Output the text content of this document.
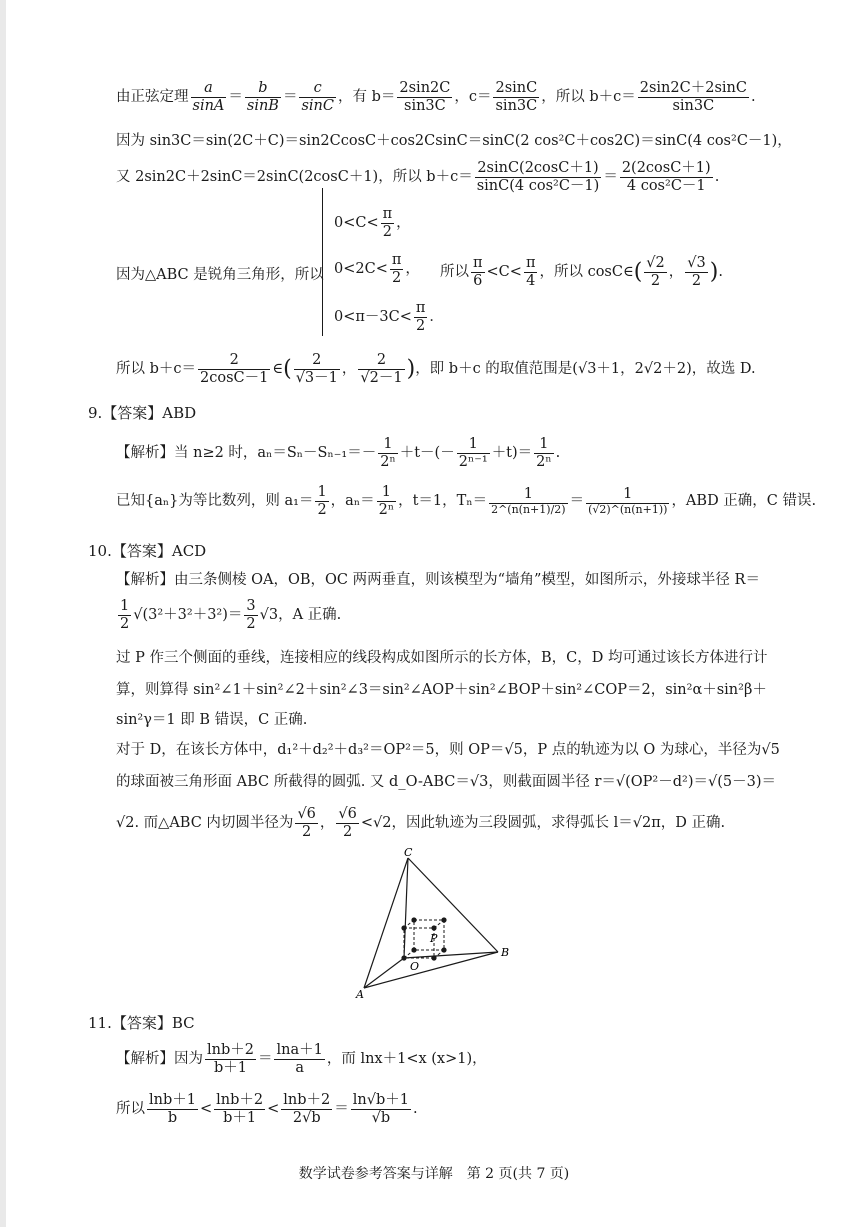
由正弦定理 $\frac{a}{\sin A} = \frac{b}{\sin B} = \frac{c}{\sin C}$ ，有 $b= \frac{2\sin 2C}{\sin 3C}$ ，$c= \frac{2\sin C}{\sin 3C}$ ，所以 $b+c= \frac{2\sin 2C+2\sin C}{\sin 3C}$ .
因为 sin3C＝sin(2C＋C)＝sin2CcosC＋cos2CsinC＝sinC(2 cos²C＋cos2C)＝sinC(4 cos²C－1)，
又 2sin2C＋2sinC＝2sinC(2cosC＋1)，所以 $b+c= \frac{2\sin C(2\cos C+1)}{\text{sinC(4 cos²C－1)}} = \frac{2(2\cos C+1)}{\text{4 cos²C－1}}$ .
因为△ABC 是锐角三角形，所以
$0<C< \frac{\pi}{2}$ ，
$0<2C< \frac{\pi}{2}$ ，
$0<\pi-3C< \frac{\pi}{2}$ ．
所以 $\frac{\pi}{6} <C< \frac{\pi}{4}$ ，所以 cosC∈( $\frac{√2}{2}$ ， $\frac{√3}{2}$ ).
所以 $b+c= \frac{2}{2\cos C-1}$ ∈( $\frac{2}{√3-1}$ ， $\frac{2}{√2-1}$ )，即 b＋c 的取值范围是(√3＋1，2√2＋2)，故选 D.
9.【答案】ABD
【解析】当 n≥2 时，$a_n=S_n-S_{n-1}=- \frac{1}{\text{2ⁿ}} +t-(- \frac{1}{\text{2ⁿ⁻¹}} +t)= \frac{1}{\text{2ⁿ}}$ .
已知{aₙ}为等比数列，则 $a_1= \frac{1}{2}$ ，$a_n= \frac{1}{\text{2ⁿ}}$ ，t＝1，$T_n= \frac{1}{2\^{}(n(n+1)/2)} = \frac{1}{(√2)\^{}(n(n+1))}$ ，ABD 正确，C 错误.
10.【答案】ACD
【解析】由三条侧棱 OA，OB，OC 两两垂直，则该模型为“墙角”模型，如图所示，外接球半径 R＝
$\frac{1}{2} √(3^2+3^2+3^2)= \frac{3}{2} √3$，A 正确.
过 P 作三个侧面的垂线，连接相应的线段构成如图所示的长方体，B，C，D 均可通过该长方体进行计
算，则算得 sin²∠1＋sin²∠2＋sin²∠3＝sin²∠AOP＋sin²∠BOP＋sin²∠COP＝2，sin²α＋sin²β＋
sin²γ＝1 即 B 错误，C 正确.
对于 D，在该长方体中，d₁²＋d₂²＋d₃²＝OP²＝5，则 OP＝√5，P 点的轨迹为以 O 为球心，半径为√5
的球面被三角形面 ABC 所截得的圆弧. 又 d_O-ABC＝√3，则截面圆半径 r＝√(OP²－d²)＝√(5－3)＝
√2. 而△ABC 内切圆半径为 $\frac{√6}{2}$ ， $\frac{√6}{2} <√2$，因此轨迹为三段圆弧，求得弧长 l＝√2π，D 正确.
C
P
O
B
A
11.【答案】BC
【解析】因为 $\frac{\ln b+2}{b+1} = \frac{\ln a+1}{a}$ ，而 lnx＋1<x (x>1)，
所以 $\frac{\ln b+1}{b} < \frac{\ln b+2}{b+1} < \frac{\ln b+2}{2√b} = \frac{\ln√b+1}{√b}$ .
数学试卷参考答案与详解　第 2 页(共 7 页)
